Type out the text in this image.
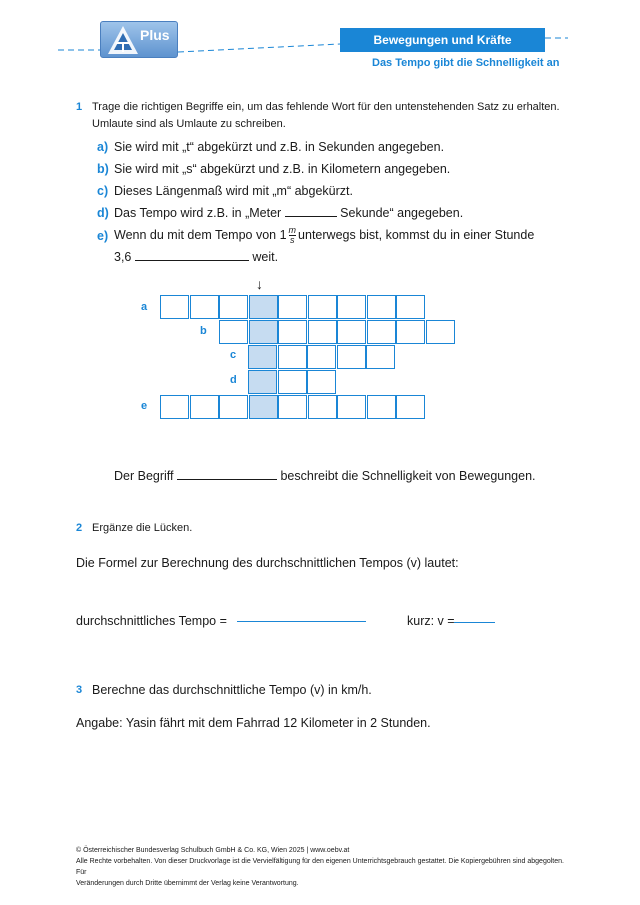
Plus	Bewegungen und Kräfte
Das Tempo gibt die Schnelligkeit an
1 Trage die richtigen Begriffe ein, um das fehlende Wort für den untenstehenden Satz zu erhalten.
Umlaute sind als Umlaute zu schreiben.
a) Sie wird mit „t“ abgekürzt und z.B. in Sekunden angegeben.
b) Sie wird mit „s“ abgekürzt und z.B. in Kilometern angegeben.
c) Dieses Längenmaß wird mit „m“ abgekürzt.
d) Das Tempo wird z.B. in „Meter	Sekunde“ angegeben.
e) Wenn du mit dem Tempo von $1 \frac{m}{s}$ unterwegs bist, kommst du in einer Stunde
3,6	weit.
↓
a
b
c
d
e
Der Begriff	beschreibt die Schnelligkeit von Bewegungen.
2 Ergänze die Lücken.
Die Formel zur Berechnung des durchschnittlichen Tempos (v) lautet:
durchschnittliches Tempo =	kurz: v =
3 Berechne das durchschnittliche Tempo (v) in km/h.
Angabe: Yasin fährt mit dem Fahrrad 12 Kilometer in 2 Stunden.
© Österreichischer Bundesverlag Schulbuch GmbH & Co. KG, Wien 2025 | www.oebv.at
Alle Rechte vorbehalten. Von dieser Druckvorlage ist die Vervielfältigung für den eigenen Unterrichtsgebrauch gestattet. Die Kopiergebühren sind abgegolten. Für
Veränderungen durch Dritte übernimmt der Verlag keine Verantwortung.
